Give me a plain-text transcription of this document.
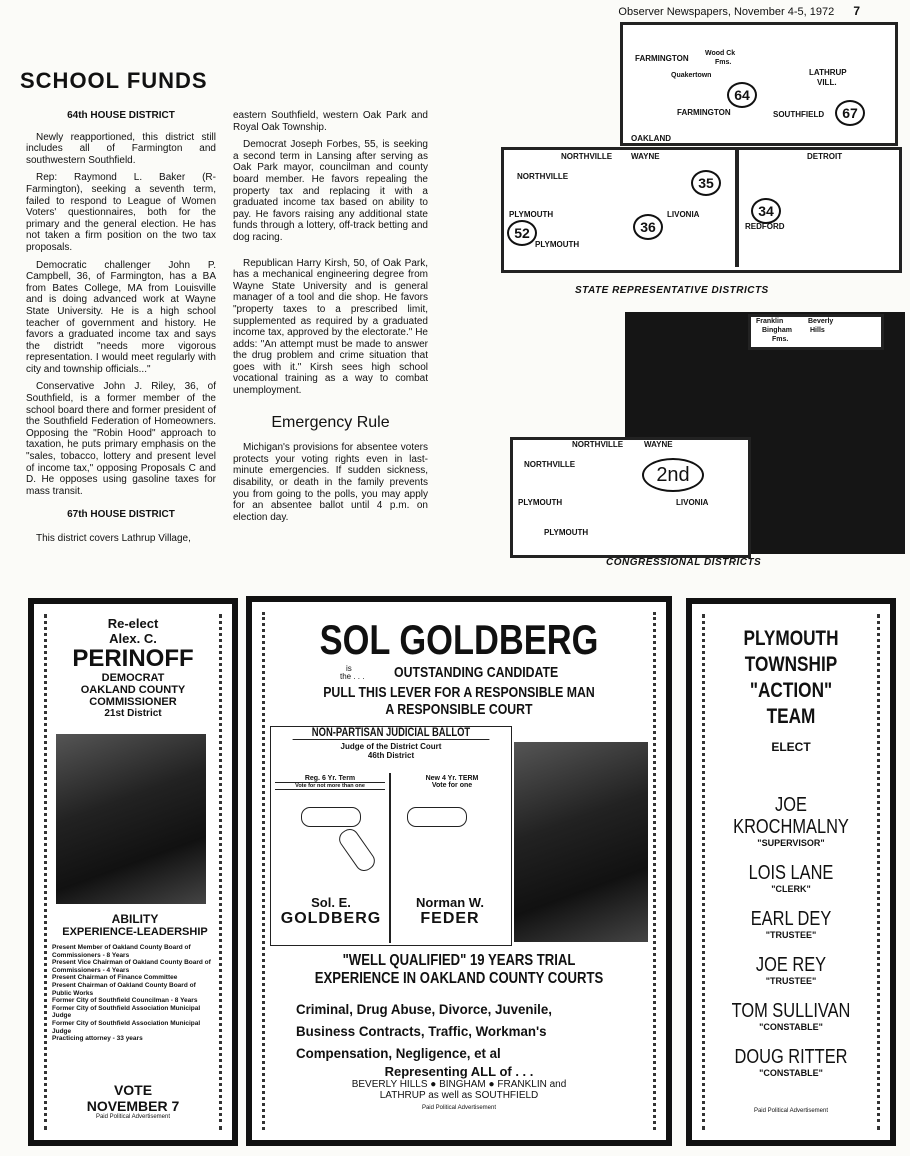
Observer Newspapers, November 4-5, 1972 7
SCHOOL FUNDS

64th HOUSE DISTRICT

Newly reapportioned, this district still includes all of Farmington and southwestern Southfield.

Rep: Raymond L. Baker (R-Farmington), seeking a seventh term, failed to respond to League of Women Voters' questionnaires, both for the primary and the general election. He has not taken a firm position on the two tax proposals.

Democratic challenger John P. Campbell, 36, of Farmington, has a BA from Bates College, MA from Louisville and is doing advanced work at Wayne State University. He is a high school teacher of government and history. He favors a graduated income tax and says the distridt "needs more vigorous representation. I would meet regularly with city and township officials..."

Conservative John J. Riley, 36, of Southfield, is a former member of the school board there and former president of the Southfield Federation of Homeowners. Opposing the "Robin Hood" approach to taxation, he puts primary emphasis on the "sales, tobacco, lottery and present level of income tax," opposing Proposals C and D. He opposes using gasoline taxes for mass transit.

67th HOUSE DISTRICT

This district covers Lathrup Village,

eastern Southfield, western Oak Park and Royal Oak Township.

Democrat Joseph Forbes, 55, is seeking a second term in Lansing after serving as Oak Park mayor, councilman and county board member. He favors repealing the property tax and replacing it with a graduated income tax based on ability to pay. He favors raising any additional state funds through a lottery, off-track betting and dog racing.

Republican Harry Kirsh, 50, of Oak Park, has a mechanical engineering degree from Wayne State University and is general manager of a tool and die shop. He favors "property taxes to a prescribed limit, supplemented as required by a graduated income tax, approved by the electorate." He adds: "An attempt must be made to answer the drug problem and crime situation that goes with it." Kirsh sees high school vocational training as a way to combat unemployment.

Emergency Rule

Michigan's provisions for absentee voters protects your voting rights even in last-minute emergencies. If sudden sickness, disability, or death in the family prevents you from going to the polls, you may apply for an absentee ballot until 4 p.m. on election day.

FARMINGTON
Wood Ck
Fms.
Quakertown
FARMINGTON
OAKLAND
LATHRUP
VILL.
SOUTHFIELD
NORTHVILLE WAYNE	DETROIT
NORTHVILLE
LIVONIA
REDFORD
PLYMOUTH
PLYMOUTH
64
67
35
36
34
52
STATE REPRESENTATIVE DISTRICTS
Franklin
Bingham
Fms.
Beverly
Hills
NORTHVILLE	WAYNE
NORTHVILLE
PLYMOUTH	LIVONIA
PLYMOUTH
2nd
CONGRESSIONAL DISTRICTS
Re-elect
Alex. C.
PERINOFF
DEMOCRAT
OAKLAND COUNTY
COMMISSIONER
21st District
ABILITY
EXPERIENCE-LEADERSHIP
Present Member of Oakland County Board of Commissioners - 8 Years
Present Vice Chairman of Oakland County Board of Commissioners - 4 Years
Present Chairman of Finance Committee
Present Chairman of Oakland County Board of Public Works
Former City of Southfield Councilman - 8 Years
Former City of Southfield Association Municipal Judge
Former City of Southfield Association Municipal Judge
Practicing attorney - 33 years
VOTE
NOVEMBER 7
Paid Political Advertisement
SOL GOLDBERG
is
the . . . OUTSTANDING CANDIDATE
PULL THIS LEVER FOR A RESPONSIBLE MAN
A RESPONSIBLE COURT
NON-PARTISAN JUDICIAL BALLOT
Judge of the District Court
46th District
Reg. 6 Yr. Term
Vote for not more than one
New 4 Yr. TERM
Vote for one
Sol. E.
GOLDBERG
Norman W.
FEDER
"WELL QUALIFIED" 19 YEARS TRIAL
EXPERIENCE IN OAKLAND COUNTY COURTS
Criminal, Drug Abuse, Divorce, Juvenile, Business Contracts, Traffic, Workman's Compensation, Negligence, et al
Representing ALL of . . .
BEVERLY HILLS ● BINGHAM ● FRANKLIN and
LATHRUP as well as SOUTHFIELD
Paid Political Advertisement
PLYMOUTH
TOWNSHIP
"ACTION"
TEAM
ELECT
JOE
KROCHMALNY
"SUPERVISOR"
LOIS LANE
"CLERK"
EARL DEY
"TRUSTEE"
JOE REY
"TRUSTEE"
TOM SULLIVAN
"CONSTABLE"
DOUG RITTER
"CONSTABLE"
Paid Political Advertisement
